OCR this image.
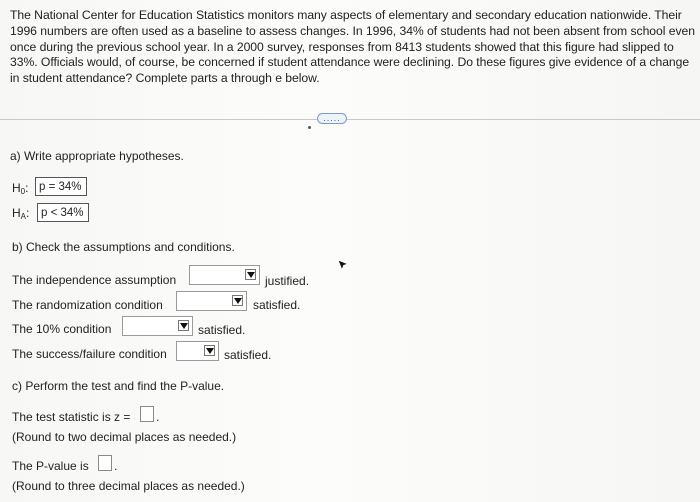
The National Center for Education Statistics monitors many aspects of elementary and secondary education nationwide. Their 1996 numbers are often used as a baseline to assess changes. In 1996, 34% of students had not been absent from school even once during the previous school year. In a 2000 survey, responses from 8413 students showed that this figure had slipped to 33%. Officials would, of course, be concerned if student attendance were declining. Do these figures give evidence of a change in student attendance? Complete parts a through e below.
.....
a) Write appropriate hypotheses.
$H_0$: p = 34%
$H_A$:	p < 34%
b) Check the assumptions and conditions.
The independence assumption	justified.
The randomization condition	satisfied.
The 10% condition	satisfied.
The success/failure condition	satisfied.
c) Perform the test and find the P-value.
The test statistic is z = .
(Round to two decimal places as needed.)
The P-value is .
(Round to three decimal places as needed.)
